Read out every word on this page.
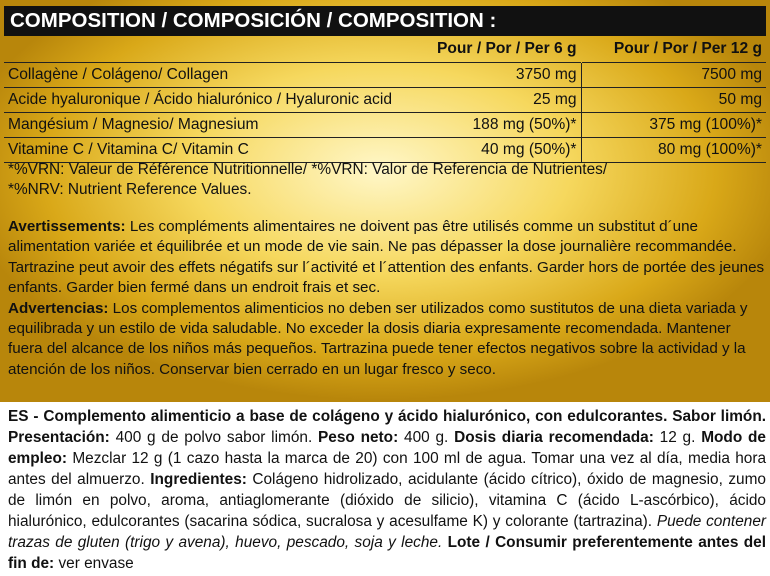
COMPOSITION / COMPOSICIÓN / COMPOSITION :
	Pour / Por / Per 6 g	Pour / Por / Per 12 g
Collagène / Colágeno/ Collagen	3750 mg	7500 mg
Acide hyaluronique / Ácido hialurónico / Hyaluronic acid	25 mg	50 mg
Mangésium / Magnesio/ Magnesium	188 mg (50%)*	375 mg (100%)*
Vitamine C / Vitamina C/ Vitamin C	40 mg (50%)*	80 mg (100%)*
*%VRN: Valeur de Référence Nutritionnelle/ *%VRN: Valor de Referencia de Nutrientes/
*%NRV: Nutrient Reference Values.

Avertissements: Les compléments alimentaires ne doivent pas être utilisés comme un substitut d´une alimentation variée et équilibrée et un mode de vie sain. Ne pas dépasser la dose journalière recommandée. Tartrazine peut avoir des effets négatifs sur l´activité et l´attention des enfants. Garder hors de portée des jeunes enfants. Garder bien fermé dans un endroit frais et sec.

Advertencias: Los complementos alimenticios no deben ser utilizados como sustitutos de una dieta variada y equilibrada y un estilo de vida saludable. No exceder la dosis diaria expresamente recomendada. Mantener fuera del alcance de los niños más pequeños. Tartrazina puede tener efectos negativos sobre la actividad y la atención de los niños. Conservar bien cerrado en un lugar fresco y seco.

ES - Complemento alimenticio a base de colágeno y ácido hialurónico, con edulcorantes. Sabor limón. Presentación: 400 g de polvo sabor limón. Peso neto: 400 g. Dosis diaria recomendada: 12 g. Modo de empleo: Mezclar 12 g (1 cazo hasta la marca de 20) con 100 ml de agua. Tomar una vez al día, media hora antes del almuerzo. Ingredientes: Colágeno hidrolizado, acidulante (ácido cítrico), óxido de magnesio, zumo de limón en polvo, aroma, antiaglomerante (dióxido de silicio), vitamina C (ácido L-ascórbico), ácido hialurónico, edulcorantes (sacarina sódica, sucralosa y acesulfame K) y colorante (tartrazina). Puede contener trazas de gluten (trigo y avena), huevo, pescado, soja y leche. Lote / Consumir preferentemente antes del fin de: ver envase
